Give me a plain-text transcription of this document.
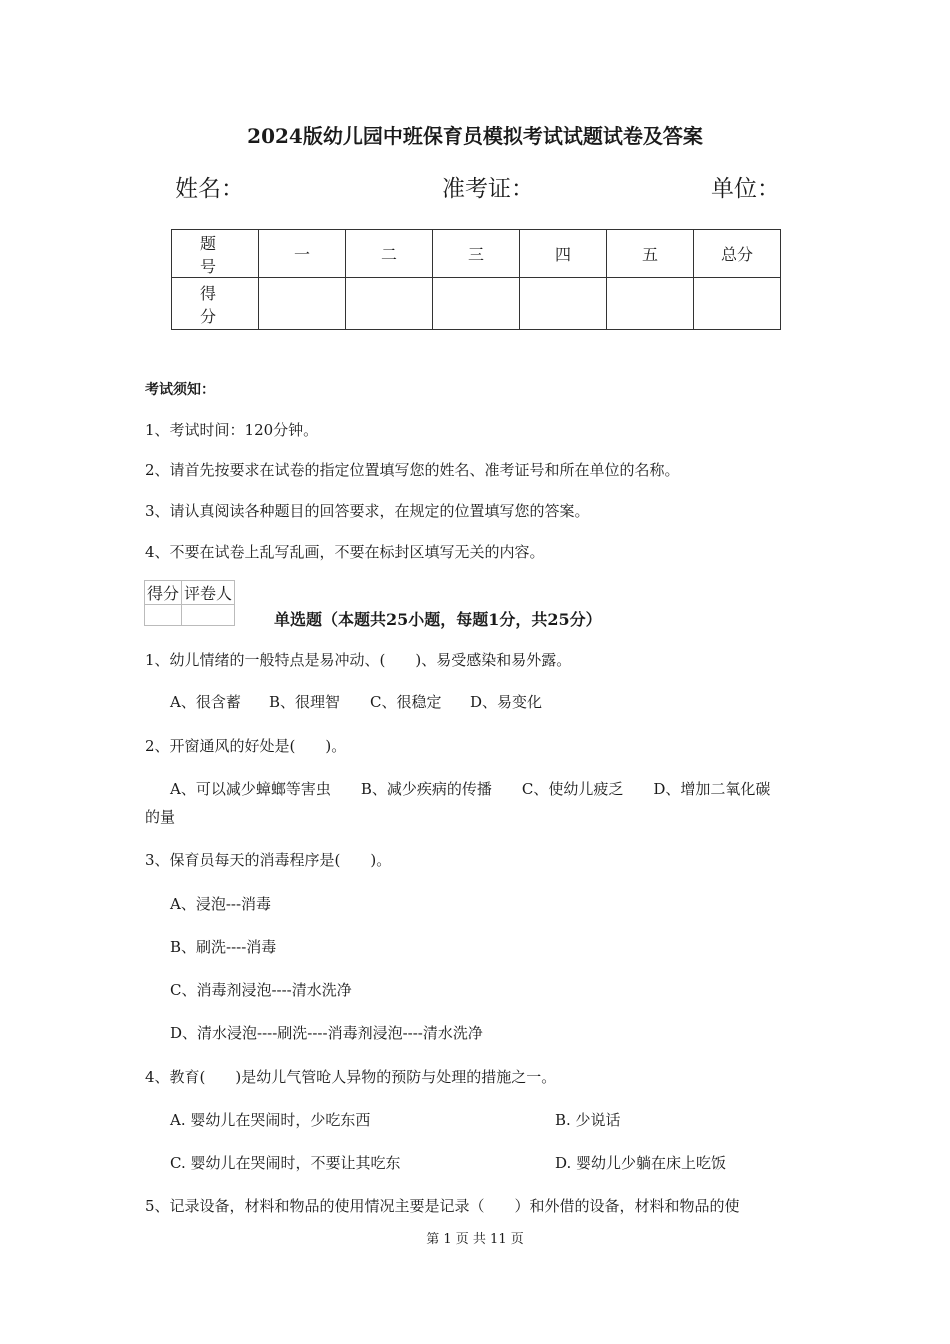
2024版幼儿园中班保育员模拟考试试题试卷及答案
姓名：	准考证：	单位：
题　号	一	二	三	四	五	总分
得　分						
考试须知：
1、考试时间：120分钟。
2、请首先按要求在试卷的指定位置填写您的姓名、准考证号和所在单位的名称。
3、请认真阅读各种题目的回答要求，在规定的位置填写您的答案。
4、不要在试卷上乱写乱画，不要在标封区填写无关的内容。
得分	评卷人

单选题（本题共25小题，每题1分，共25分）
1、幼儿情绪的一般特点是易冲动、(　　)、易受感染和易外露。
A、很含蓄 B、很理智 C、很稳定 D、易变化
2、开窗通风的好处是(　　)。
A、可以减少蟑螂等害虫　　B、减少疾病的传播　　C、使幼儿疲乏　　D、增加二氧化碳
的量
3、保育员每天的消毒程序是(　　)。
A、浸泡---消毒
B、刷洗----消毒
C、消毒剂浸泡----清水洗净
D、清水浸泡----刷洗----消毒剂浸泡----清水洗净
4、教育(　　)是幼儿气管呛人异物的预防与处理的措施之一。
A. 婴幼儿在哭闹时，少吃东西	B. 少说话
C. 婴幼儿在哭闹时，不要让其吃东	D. 婴幼儿少躺在床上吃饭
5、记录设备，材料和物品的使用情况主要是记录（　　）和外借的设备，材料和物品的使
第 1 页 共 11 页
